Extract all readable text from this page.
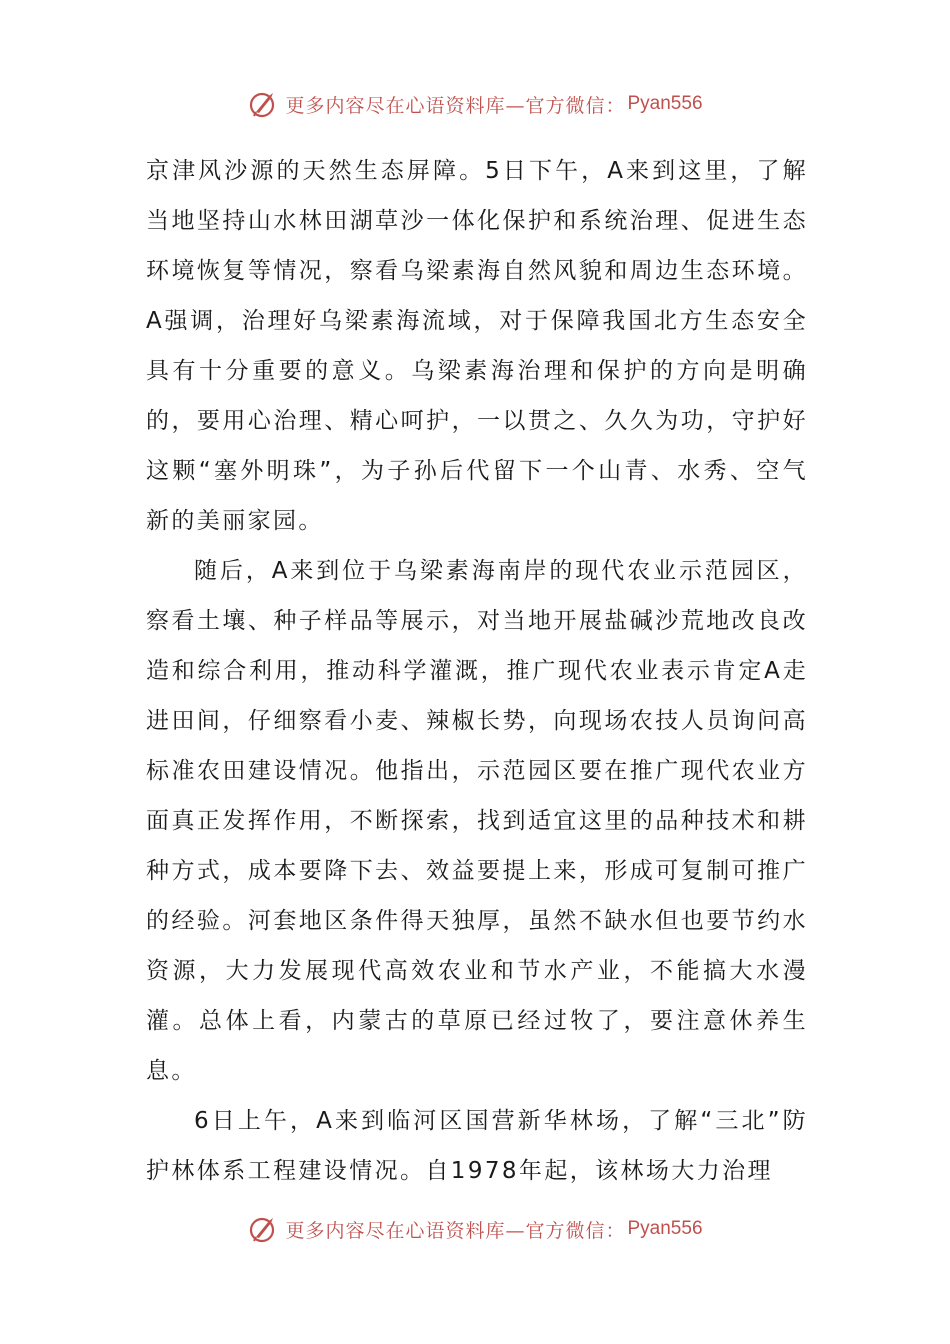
更多内容尽在心语资料库—官方微信： Pyan556

京津风沙源的天然生态屏障。5日下午，A来到这里，了解当地坚持山水林田湖草沙一体化保护和系统治理、促进生态环境恢复等情况，察看乌梁素海自然风貌和周边生态环境。A强调，治理好乌梁素海流域，对于保障我国北方生态安全具有十分重要的意义。乌梁素海治理和保护的方向是明确的，要用心治理、精心呵护，一以贯之、久久为功，守护好这颗“塞外明珠”，为子孙后代留下一个山青、水秀、空气新的美丽家园。

随后，A来到位于乌梁素海南岸的现代农业示范园区，察看土壤、种子样品等展示，对当地开展盐碱沙荒地改良改造和综合利用，推动科学灌溉，推广现代农业表示肯定A走进田间，仔细察看小麦、辣椒长势，向现场农技人员询问高标准农田建设情况。他指出，示范园区要在推广现代农业方面真正发挥作用，不断探索，找到适宜这里的品种技术和耕种方式，成本要降下去、效益要提上来，形成可复制可推广的经验。河套地区条件得天独厚，虽然不缺水但也要节约水资源，大力发展现代高效农业和节水产业，不能搞大水漫灌。总体上看，内蒙古的草原已经过牧了，要注意休养生息。

6日上午，A来到临河区国营新华林场，了解“三北”防护林体系工程建设情况。自1978年起，该林场大力治理

更多内容尽在心语资料库—官方微信： Pyan556
